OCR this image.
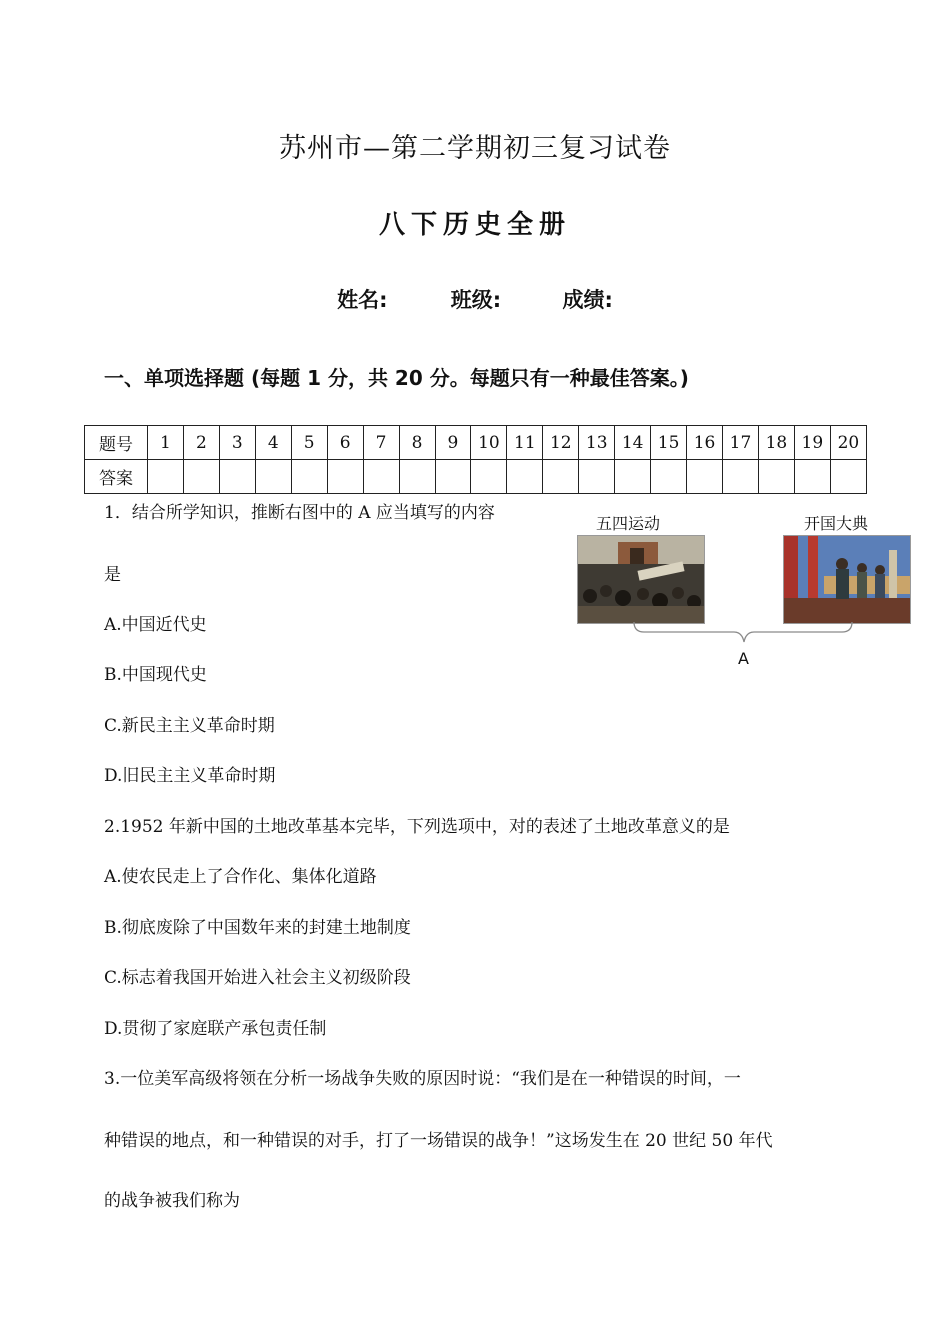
苏州市—第二学期初三复习试卷
八下历史全册
姓名:	班级:	成绩:
一、单项选择题 (每题 1 分，共 20 分。每题只有一种最佳答案。)
题号	1	2	3	4	5	6	7	8	9	10	11	12	13	14	15	16	17	18	19	20
答案																				
1．结合所学知识，推断右图中的 A 应当填写的内容
是
A.中国近代史
B.中国现代史
C.新民主主义革命时期
D.旧民主主义革命时期
五四运动	开国大典
A
2.1952 年新中国的土地改革基本完毕，下列选项中，对的表述了土地改革意义的是
A.使农民走上了合作化、集体化道路
B.彻底废除了中国数年来的封建土地制度
C.标志着我国开始进入社会主义初级阶段
D.贯彻了家庭联产承包责任制
3.一位美军高级将领在分析一场战争失败的原因时说：“我们是在一种错误的时间，一
种错误的地点，和一种错误的对手，打了一场错误的战争！”这场发生在 20 世纪 50 年代
的战争被我们称为
